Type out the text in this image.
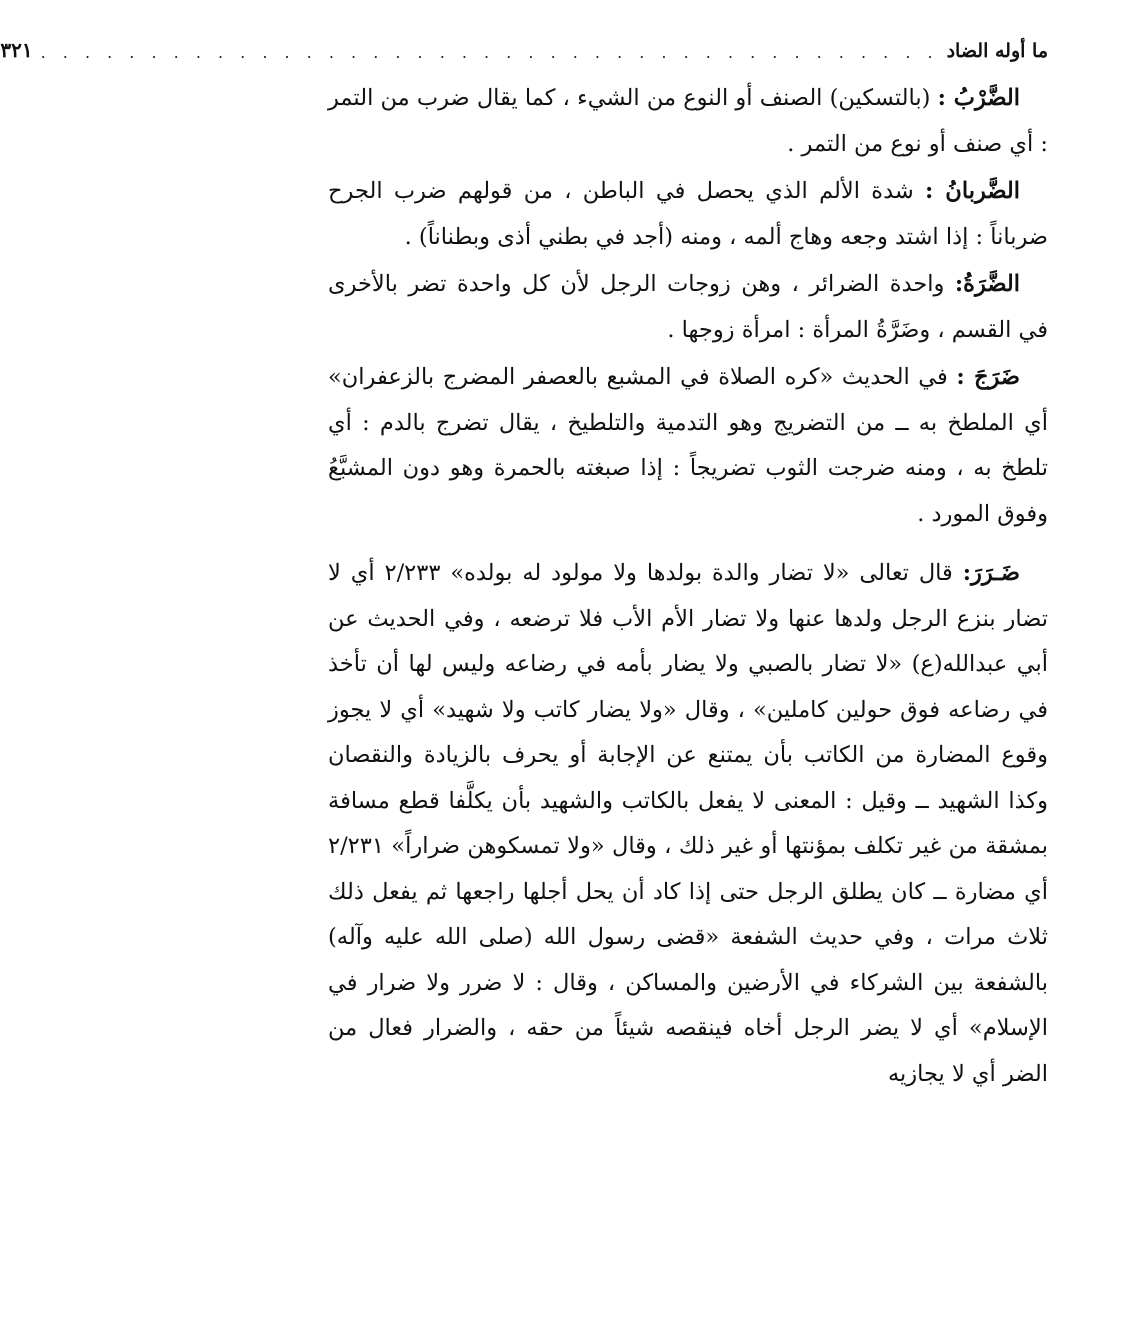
ما أوله الضاد
. . . . . . . . . . . . . . . . . . . . . . . . . . . . . . . . . . . . . . . . .
٣٢١

الضَّرْبُ : (بالتسكين) الصنف أو النوع من الشيء ، كما يقال ضرب من التمر : أي صنف أو نوع من التمر .

الضَّربانُ : شدة الألم الذي يحصل في الباطن ، من قولهم ضرب الجرح ضرباناً : إذا اشتد وجعه وهاج ألمه ، ومنه (أجد في بطني أذى وبطناناً) .

الضَّرَةُ: واحدة الضرائر ، وهن زوجات الرجل لأن كل واحدة تضر بالأخرى في القسم ، وضَرَّةُ المرأة : امرأة زوجها .

ضَرَجَ : في الحديث «كره الصلاة في المشبع بالعصفر المضرج بالزعفران» أي الملطخ به ــ من التضريج وهو التدمية والتلطيخ ، يقال تضرج بالدم : أي تلطخ به ، ومنه ضرجت الثوب تضريجاً : إذا صبغته بالحمرة وهو دون المشبَّعُ وفوق المورد .

ضَـرَرَ: قال تعالى «لا تضار والدة بولدها ولا مولود له بولده» ٢/٢٣٣ أي لا تضار بنزع الرجل ولدها عنها ولا تضار الأم الأب فلا ترضعه ، وفي الحديث عن أبي عبدالله(ع) «لا تضار بالصبي ولا يضار بأمه في رضاعه وليس لها أن تأخذ في رضاعه فوق حولين كاملين» ، وقال «ولا يضار كاتب ولا شهيد» أي لا يجوز وقوع المضارة من الكاتب بأن يمتنع عن الإجابة أو يحرف بالزيادة والنقصان وكذا الشهيد ــ وقيل : المعنى لا يفعل بالكاتب والشهيد بأن يكلَّفا قطع مسافة بمشقة من غير تكلف بمؤنتها أو غير ذلك ، وقال «ولا تمسكوهن ضراراً» ٢/٢٣١ أي مضارة ــ كان يطلق الرجل حتى إذا كاد أن يحل أجلها راجعها ثم يفعل ذلك ثلاث مرات ، وفي حديث الشفعة «قضى رسول الله (صلى الله عليه وآله) بالشفعة بين الشركاء في الأرضين والمساكن ، وقال : لا ضرر ولا ضرار في الإسلام» أي لا يضر الرجل أخاه فينقصه شيئاً من حقه ، والضرار فعال من الضر أي لا يجازيه
